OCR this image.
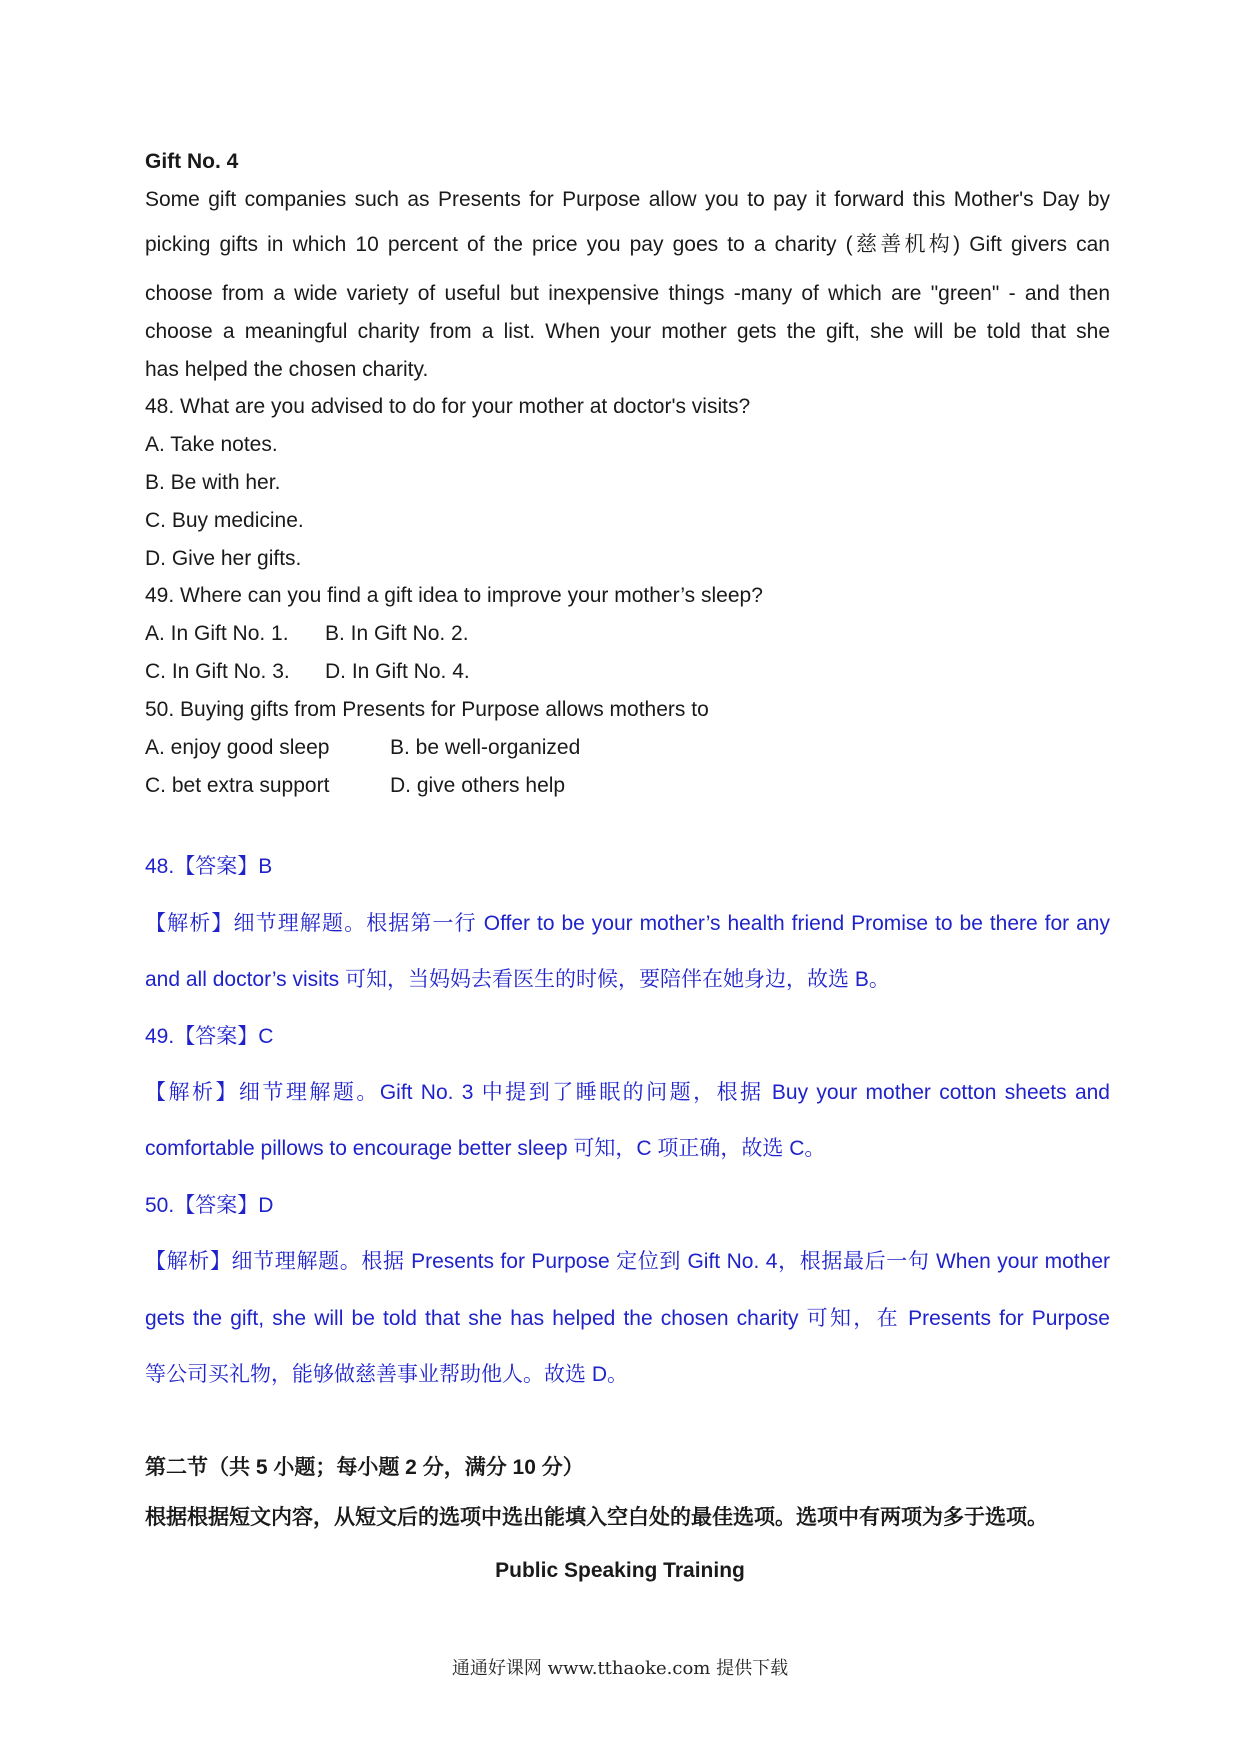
Gift No. 4
Some gift companies such as Presents for Purpose allow you to pay it forward this Mother's Day by
picking gifts in which 10 percent of the price you pay goes to a charity (慈善机构) Gift givers can
choose from a wide variety of useful but inexpensive things -many of which are "green" - and then
choose a meaningful charity from a list. When your mother gets the gift, she will be told that she
has helped the chosen charity.
48. What are you advised to do for your mother at doctor's visits?
A. Take notes.
B. Be with her.
C. Buy medicine.
D. Give her gifts.
49. Where can you find a gift idea to improve your mother’s sleep?
A. In Gift No. 1. B. In Gift No. 2.
C. In Gift No. 3. D. In Gift No. 4.
50. Buying gifts from Presents for Purpose allows mothers to
A. enjoy good sleep	B. be well-organized
C. bet extra support	D. give others help
48.【答案】B
【解析】细节理解题。根据第一行 Offer to be your mother’s health friend Promise to be there for any
and all doctor’s visits 可知，当妈妈去看医生的时候，要陪伴在她身边，故选 B。
49.【答案】C
【解析】细节理解题。Gift No. 3 中提到了睡眠的问题，根据 Buy your mother cotton sheets and
comfortable pillows to encourage better sleep 可知，C 项正确，故选 C。
50.【答案】D
【解析】细节理解题。根据 Presents for Purpose 定位到 Gift No. 4，根据最后一句 When your mother
gets the gift, she will be told that she has helped the chosen charity 可知，在 Presents for Purpose
等公司买礼物，能够做慈善事业帮助他人。故选 D。
第二节（共 5 小题；每小题 2 分，满分 10 分）
根据根据短文内容，从短文后的选项中选出能填入空白处的最佳选项。选项中有两项为多于选项。
Public Speaking Training
通通好课网 www.tthaoke.com 提供下载
